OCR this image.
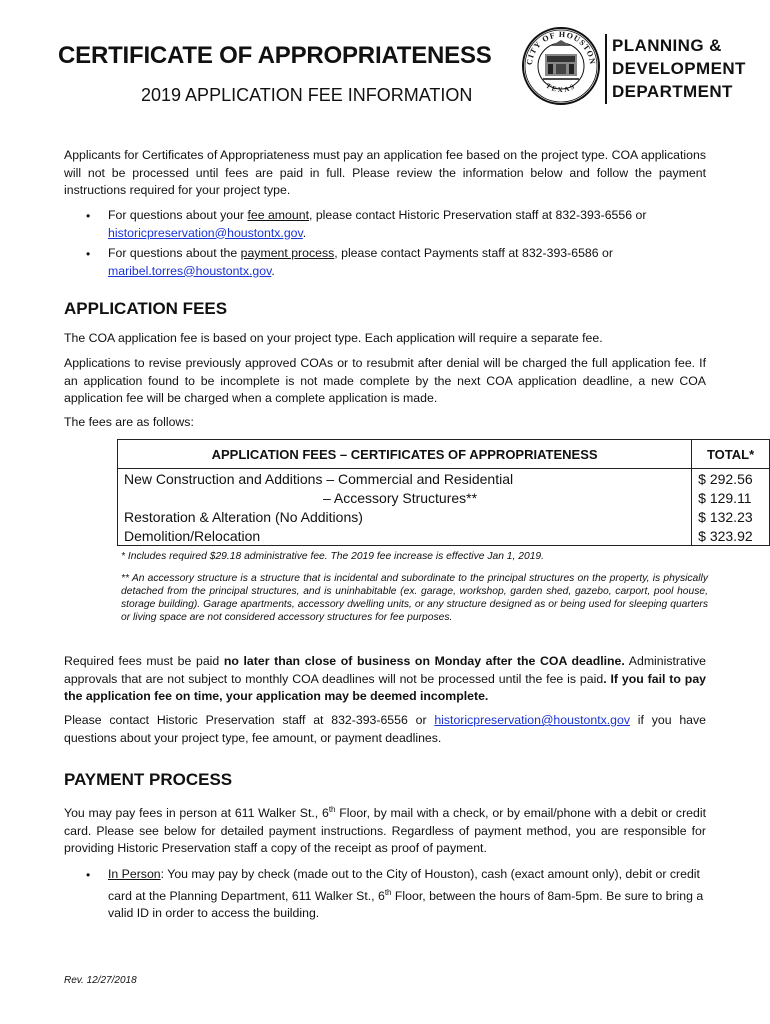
CERTIFICATE OF APPROPRIATENESS
2019 APPLICATION FEE INFORMATION
CITY OF HOUSTON
TEXAS
PLANNING &
DEVELOPMENT
DEPARTMENT
Applicants for Certificates of Appropriateness must pay an application fee based on the project type. COA applications will not be processed until fees are paid in full. Please review the information below and follow the payment instructions required for your project type.
• For questions about your fee amount, please contact Historic Preservation staff at 832-393-6556 or historicpreservation@houstontx.gov.
• For questions about the payment process, please contact Payments staff at 832-393-6586 or maribel.torres@houstontx.gov.
APPLICATION FEES
The COA application fee is based on your project type. Each application will require a separate fee.
Applications to revise previously approved COAs or to resubmit after denial will be charged the full application fee. If an application found to be incomplete is not made complete by the next COA application deadline, a new COA application fee will be charged when a complete application is made.
The fees are as follows:
APPLICATION FEES – CERTIFICATES OF APPROPRIATENESS	TOTAL*
New Construction and Additions – Commercial and Residential	$ 292.56
– Accessory Structures**	$ 129.11
Restoration & Alteration (No Additions)	$ 132.23
Demolition/Relocation	$ 323.92
* Includes required $29.18 administrative fee. The 2019 fee increase is effective Jan 1, 2019.
** An accessory structure is a structure that is incidental and subordinate to the principal structures on the property, is physically detached from the principal structures, and is uninhabitable (ex. garage, workshop, garden shed, gazebo, carport, pool house, storage building). Garage apartments, accessory dwelling units, or any structure designed as or being used for sleeping quarters or living space are not considered accessory structures for fee purposes.
Required fees must be paid no later than close of business on Monday after the COA deadline. Administrative approvals that are not subject to monthly COA deadlines will not be processed until the fee is paid. If you fail to pay the application fee on time, your application may be deemed incomplete.
Please contact Historic Preservation staff at 832-393-6556 or historicpreservation@houstontx.gov if you have questions about your project type, fee amount, or payment deadlines.
PAYMENT PROCESS
You may pay fees in person at 611 Walker St., 6th Floor, by mail with a check, or by email/phone with a debit or credit card. Please see below for detailed payment instructions. Regardless of payment method, you are responsible for providing Historic Preservation staff a copy of the receipt as proof of payment.
• In Person: You may pay by check (made out to the City of Houston), cash (exact amount only), debit or credit card at the Planning Department, 611 Walker St., 6th Floor, between the hours of 8am-5pm. Be sure to bring a valid ID in order to access the building.
Rev. 12/27/2018
